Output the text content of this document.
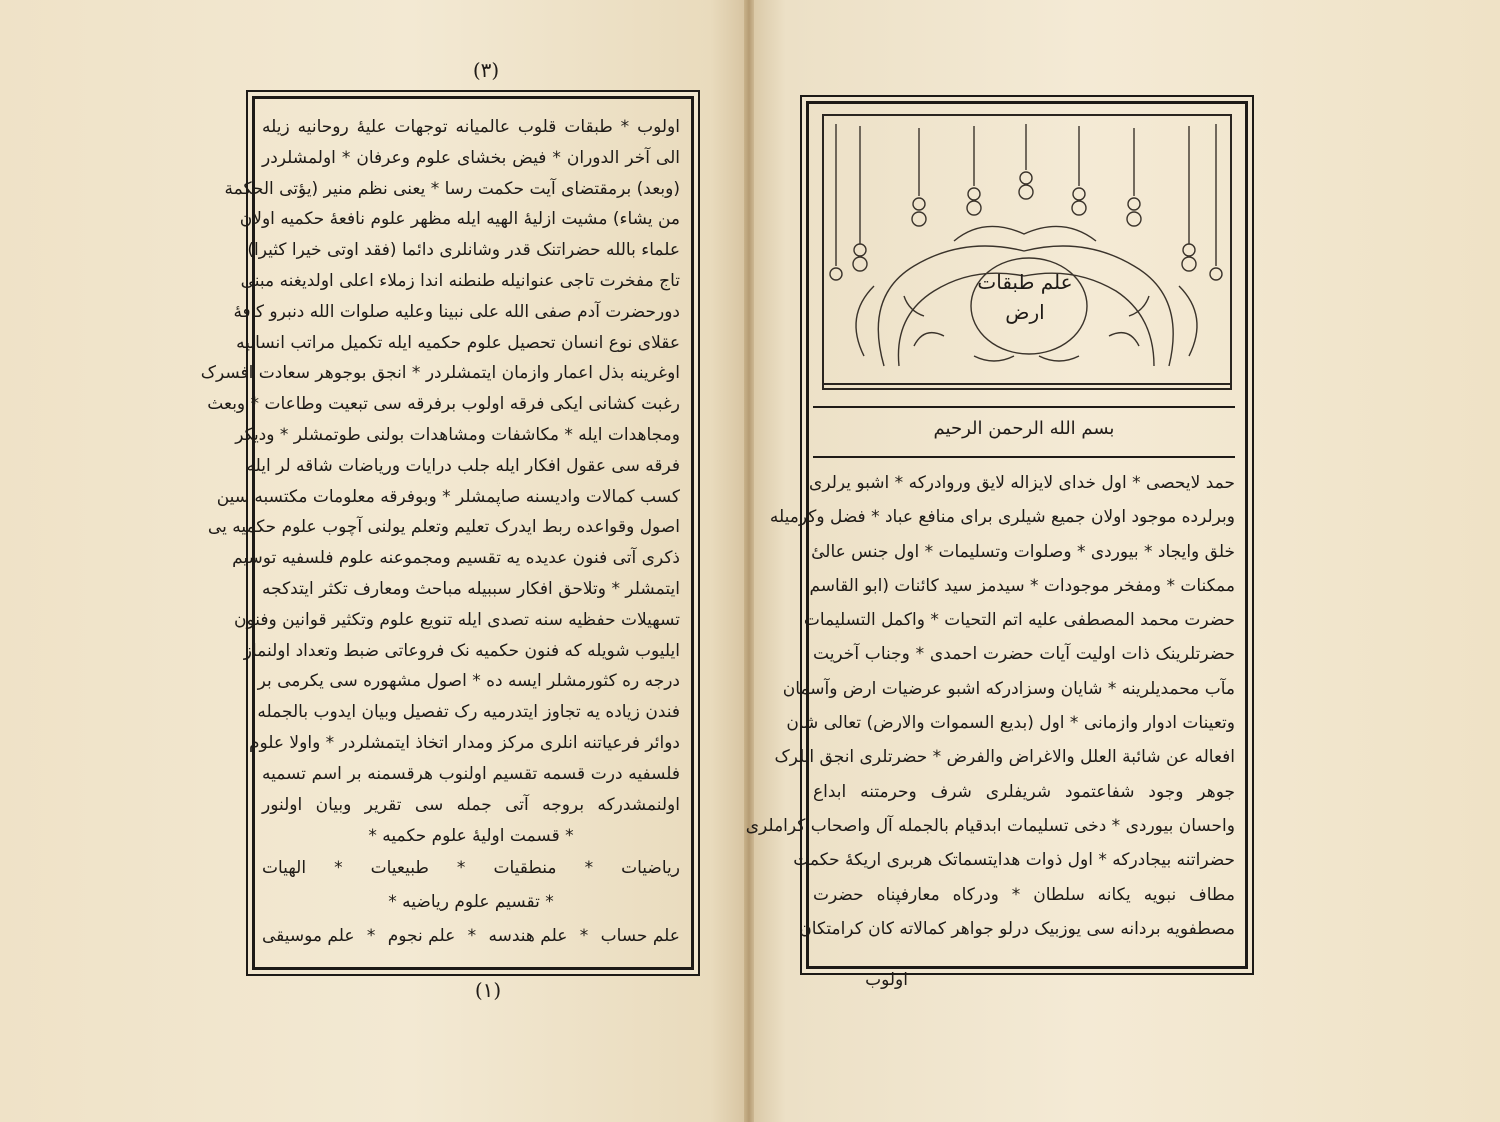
(٣)
اولوب * طبقات قلوب عالمیانه توجهات علیهٔ روحانیه زیله
الی آخر الدوران * فیض بخشای علوم وعرفان * اولمشلردر
(وبعد) برمقتضای آیت حکمت رسا * یعنی نظم منیر (یؤتی الحکمة
من یشاء) مشیت ازلیهٔ الهیه ایله مظهر علوم نافعهٔ حکمیه اولان
علماء بالله حضراتنک قدر وشانلری دائما (فقد اوتی خیرا کثیرا)
تاج مفخرت تاجی عنوانیله طنطنه اندا زملاء اعلی اولدیغنه مبنی
دورحضرت آدم صفی الله علی نبینا وعلیه صلوات الله دنبرو کافهٔ
عقلای نوع انسان تحصیل علوم حکمیه ایله تکمیل مراتب انسانیه
اوغرینه بذل اعمار وازمان ایتمشلردر * انجق بوجوهر سعادت افسرک
رغبت کشانی ایکی فرقه اولوب برفرقه سی تبعیت وطاعات * وبعث
ومجاهدات ایله * مکاشفات ومشاهدات بولنی طوتمشلر * ودیکر
فرقه سی عقول افکار ایله جلب درایات وریاضات شاقه لر ایله
کسب کمالات وادیسنه صاپمشلر * وبوفرقه معلومات مکتسبه سین
اصول وقواعده ربط ایدرک تعلیم وتعلم یولنی آچوب علوم حکمیه یی
ذکری آتی فنون عدیده یه تقسیم ومجموعنه علوم فلسفیه توسیم
ایتمشلر * وتلاحق افکار سببیله مباحث ومعارف تکثر ایتدکجه
تسهیلات حفظیه سنه تصدی ایله تنویع علوم وتکثیر قوانین وفنون
ایلیوب شویله که فنون حکمیه نک فروعاتی ضبط وتعداد اولنماز
درجه ره کثورمشلر ایسه ده * اصول مشهوره سی یکرمی بر
فندن زیاده یه تجاوز ایتدرمیه رک تفصیل وبیان ایدوب بالجمله
دوائر فرعیاتنه انلری مرکز ومدار اتخاذ ایتمشلردر * واولا علوم
فلسفیه درت قسمه تقسیم اولنوب هرقسمنه بر اسم تسمیه
اولنمشدرکه بروجه آتی جمله سی تقریر وبیان اولنور
* قسمت اولیهٔ علوم حکمیه *
ریاضیات
*
منطقیات
*
طبیعیات
*
الهیات
* تقسیم علوم ریاضیه *
علم حساب
*
علم هندسه
*
علم نجوم
*
علم موسیقی
(١)
علم طبقات
ارض
بسم الله الرحمن الرحیم
حمد لایحصی * اول خدای لایزاله لایق وروادرکه * اشبو یرلری
وبرلرده موجود اولان جمیع شیلری برای منافع عباد * فضل وکرمیله
خلق وایجاد * بیوردی * وصلوات وتسلیمات * اول جنس عالیٔ
ممکنات * ومفخر موجودات * سیدمز سید کائنات (ابو القاسم
حضرت محمد المصطفی علیه اتم التحیات * واکمل التسلیمات
حضرتلرینک ذات اولیت آیات حضرت احمدی * وجناب آخریت
مآب محمدیلرینه * شایان وسزادرکه اشبو عرضیات ارض وآسمان
وتعینات ادوار وازمانی * اول (بدیع السموات والارض) تعالی شان
افعاله عن شائبة العلل والاغراض والفرض * حضرتلری انجق انلرک
جوهر وجود شفاعتمود شریفلری شرف وحرمتنه ابداع
واحسان بیوردی * دخی تسلیمات ابدقیام بالجمله آل واصحاب کراملری
حضراتنه بیجادرکه * اول ذوات هدایتسماتک هربری اریکهٔ حکمت
مطاف نبویه یکانه سلطان * ودرکاه معارفپناه حضرت
مصطفویه بردانه سی یوزبیک درلو جواهر کمالاته کان کرامتکان
اولوب
